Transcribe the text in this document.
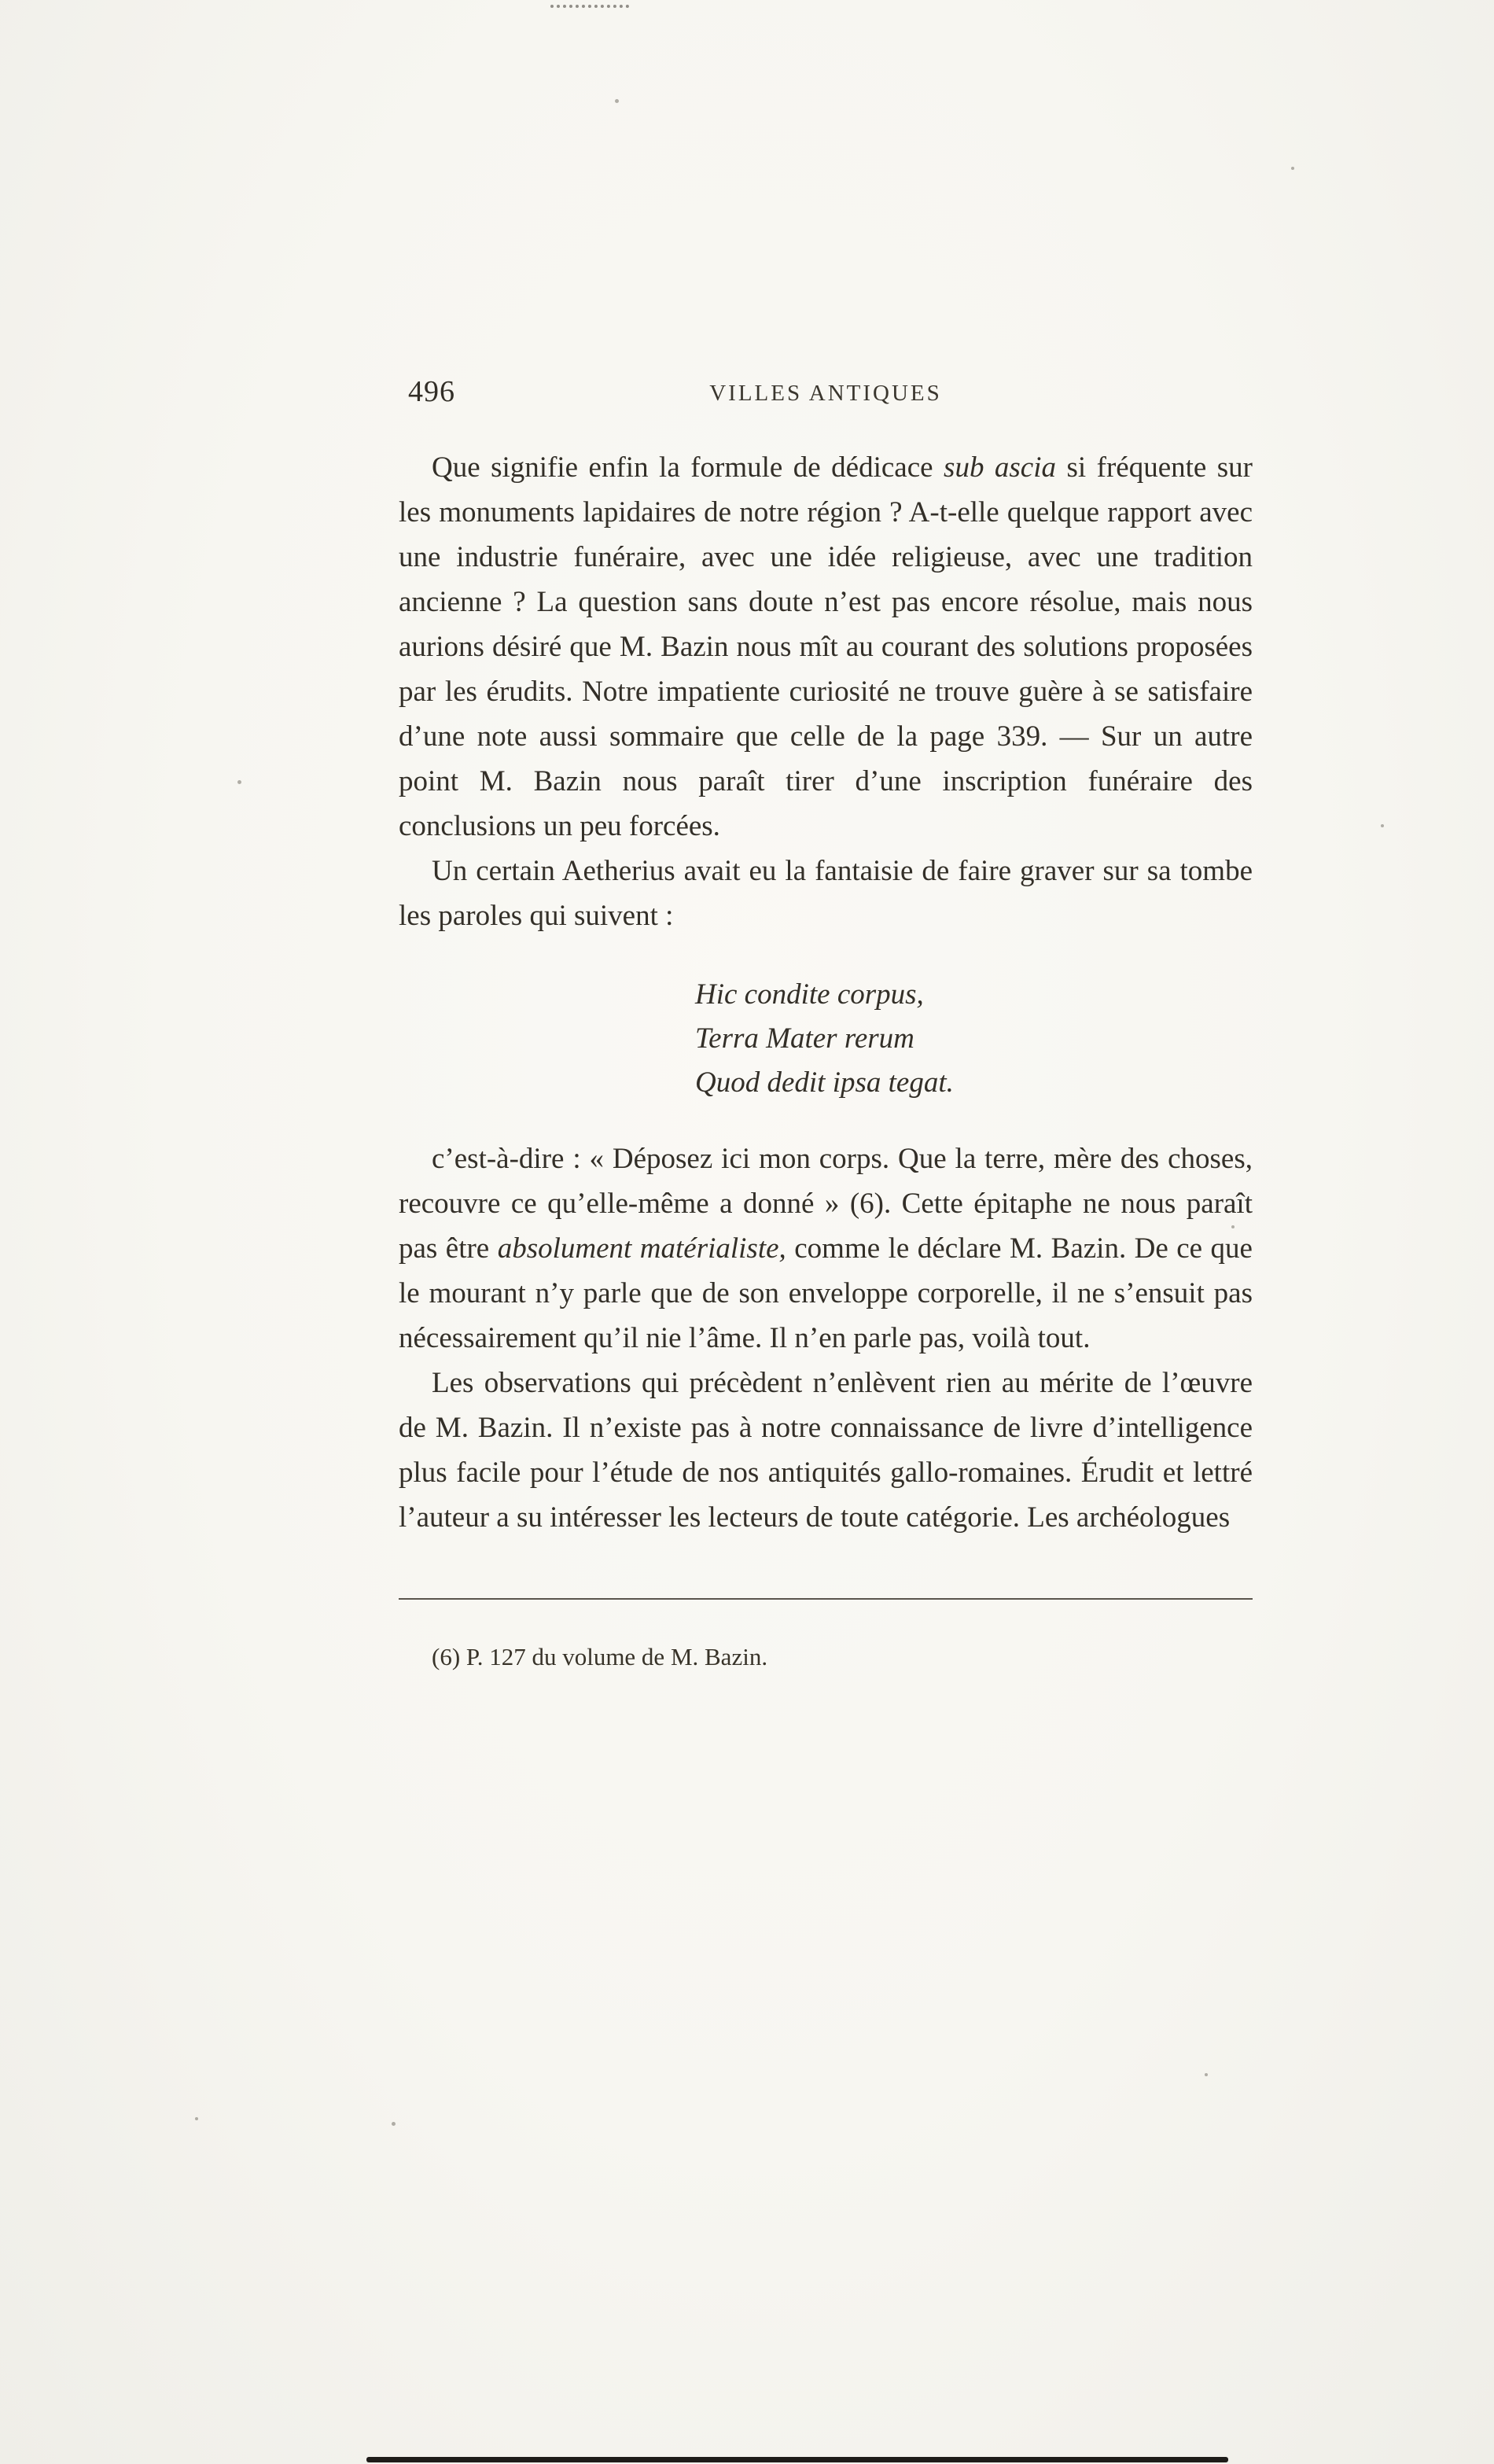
496	VILLES ANTIQUES

Que signifie enfin la formule de dédicace sub ascia si fréquente sur les monuments lapidaires de notre région ? A-t-elle quelque rapport avec une industrie funéraire, avec une idée religieuse, avec une tradition ancienne ? La question sans doute n’est pas encore résolue, mais nous aurions désiré que M. Bazin nous mît au courant des solutions proposées par les érudits. Notre impatiente curiosité ne trouve guère à se satisfaire d’une note aussi sommaire que celle de la page 339. — Sur un autre point M. Bazin nous paraît tirer d’une inscription funéraire des conclusions un peu forcées.

Un certain Aetherius avait eu la fantaisie de faire graver sur sa tombe les paroles qui suivent :

Hic condite corpus,
Terra Mater rerum
Quod dedit ipsa tegat.

c’est-à-dire : « Déposez ici mon corps. Que la terre, mère des choses, recouvre ce qu’elle-même a donné » (6). Cette épitaphe ne nous paraît pas être absolument matérialiste, comme le déclare M. Bazin. De ce que le mourant n’y parle que de son enveloppe corporelle, il ne s’ensuit pas nécessairement qu’il nie l’âme. Il n’en parle pas, voilà tout.

Les observations qui précèdent n’enlèvent rien au mérite de l’œuvre de M. Bazin. Il n’existe pas à notre connaissance de livre d’intelligence plus facile pour l’étude de nos antiquités gallo-romaines. Érudit et lettré l’auteur a su intéresser les lecteurs de toute catégorie. Les archéologues

(6) P. 127 du volume de M. Bazin.
